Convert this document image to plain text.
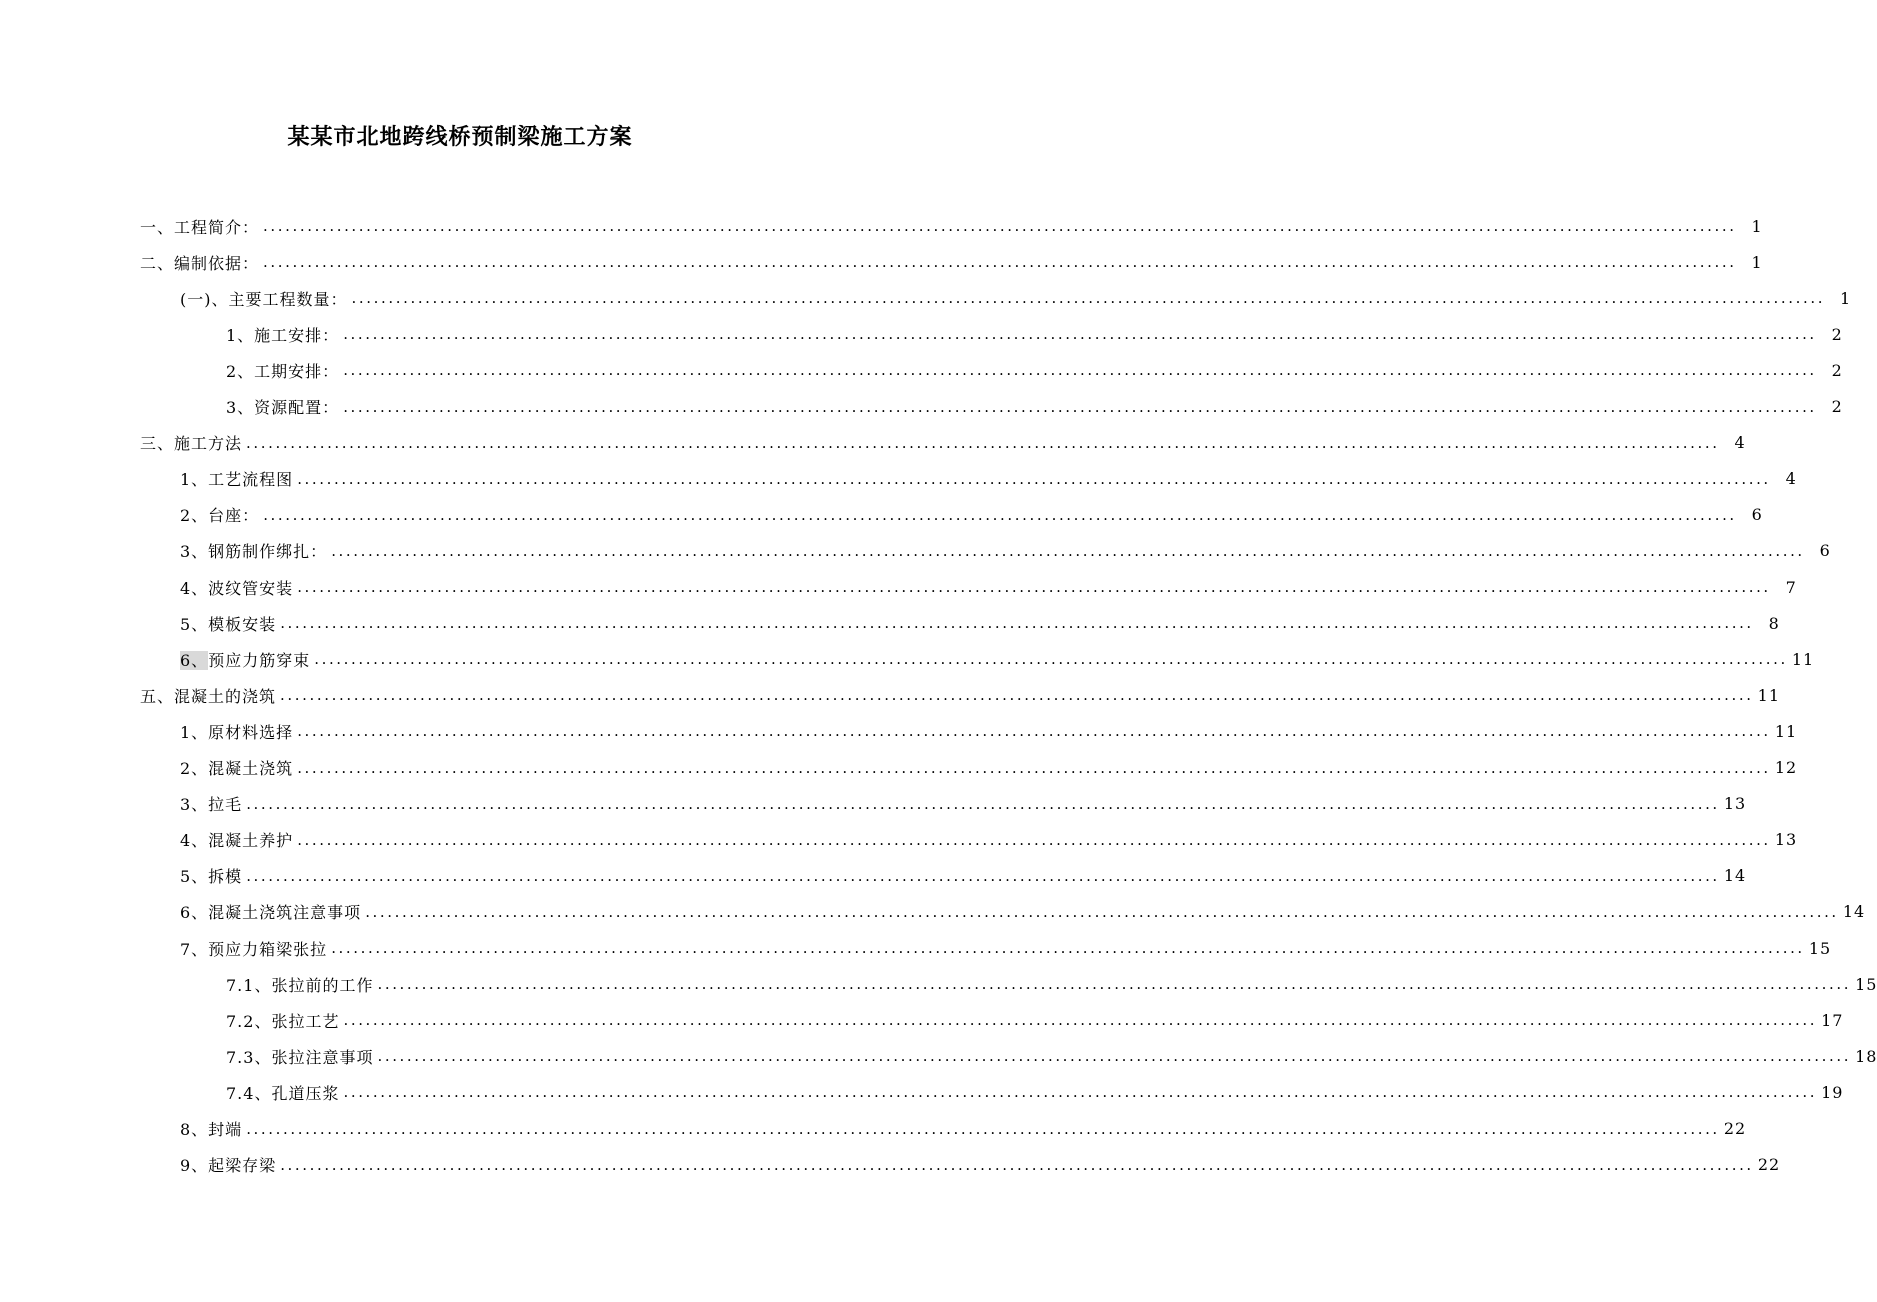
某某市北地跨线桥预制梁施工方案
一、工程简介： ........................................................................................................................................................................................................ 1
二、编制依据： ........................................................................................................................................................................................................ 1
(一)、主要工程数量： ........................................................................................................................................................................................................ 1
1、施工安排： ........................................................................................................................................................................................................ 2
2、工期安排： ........................................................................................................................................................................................................ 2
3、资源配置： ........................................................................................................................................................................................................ 2
三、施工方法 ........................................................................................................................................................................................................ 4
1、工艺流程图 ........................................................................................................................................................................................................ 4
2、台座： ........................................................................................................................................................................................................ 6
3、钢筋制作绑扎： ........................................................................................................................................................................................................ 6
4、波纹管安装 ........................................................................................................................................................................................................ 7
5、模板安装 ........................................................................................................................................................................................................ 8
6、预应力筋穿束 ........................................................................................................................................................................................................ 11
五、混凝土的浇筑 ........................................................................................................................................................................................................ 11
1、原材料选择 ........................................................................................................................................................................................................ 11
2、混凝土浇筑 ........................................................................................................................................................................................................ 12
3、拉毛 ........................................................................................................................................................................................................ 13
4、混凝土养护 ........................................................................................................................................................................................................ 13
5、拆模 ........................................................................................................................................................................................................ 14
6、混凝土浇筑注意事项 ........................................................................................................................................................................................................ 14
7、预应力箱梁张拉 ........................................................................................................................................................................................................ 15
7.1、张拉前的工作 ........................................................................................................................................................................................................ 15
7.2、张拉工艺 ........................................................................................................................................................................................................ 17
7.3、张拉注意事项 ........................................................................................................................................................................................................ 18
7.4、孔道压浆 ........................................................................................................................................................................................................ 19
8、封端 ........................................................................................................................................................................................................ 22
9、起梁存梁 ........................................................................................................................................................................................................ 22
